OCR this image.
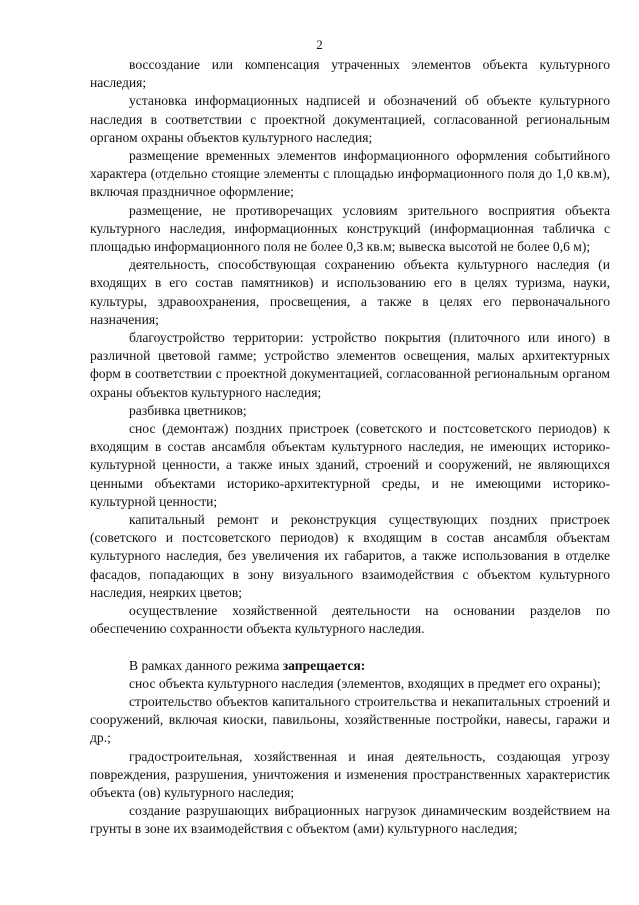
2

воссоздание или компенсация утраченных элементов объекта культурного наследия;

установка информационных надписей и обозначений об объекте культурного наследия в соответствии с проектной документацией, согласованной региональным органом охраны объектов культурного наследия;

размещение временных элементов информационного оформления событийного характера (отдельно стоящие элементы с площадью информационного поля до 1,0 кв.м), включая праздничное оформление;

размещение, не противоречащих условиям зрительного восприятия объекта культурного наследия, информационных конструкций (информационная табличка с площадью информационного поля не более 0,3 кв.м; вывеска высотой не более 0,6 м);

деятельность, способствующая сохранению объекта культурного наследия (и входящих в его состав памятников) и использованию его в целях туризма, науки, культуры, здравоохранения, просвещения, а также в целях его первоначального назначения;

благоустройство территории: устройство покрытия (плиточного или иного) в различной цветовой гамме; устройство элементов освещения, малых архитектурных форм в соответствии с проектной документацией, согласованной региональным органом охраны объектов культурного наследия;

разбивка цветников;

снос (демонтаж) поздних пристроек (советского и постсоветского периодов) к входящим в состав ансамбля объектам культурного наследия, не имеющих историко-культурной ценности, а также иных зданий, строений и сооружений, не являющихся ценными объектами историко-архитектурной среды, и не имеющими историко-культурной ценности;

капитальный ремонт и реконструкция существующих поздних пристроек (советского и постсоветского периодов) к входящим в состав ансамбля объектам культурного наследия, без увеличения их габаритов, а также использования в отделке фасадов, попадающих в зону визуального взаимодействия с объектом культурного наследия, неярких цветов;

осуществление хозяйственной деятельности на основании разделов по обеспечению сохранности объекта культурного наследия.

В рамках данного режима запрещается:

снос объекта культурного наследия (элементов, входящих в предмет его охраны);

строительство объектов капитального строительства и некапитальных строений и сооружений, включая киоски, павильоны, хозяйственные постройки, навесы, гаражи и др.;

градостроительная, хозяйственная и иная деятельность, создающая угрозу повреждения, разрушения, уничтожения и изменения пространственных характеристик объекта (ов) культурного наследия;

создание разрушающих вибрационных нагрузок динамическим воздействием на грунты в зоне их взаимодействия с объектом (ами) культурного наследия;
